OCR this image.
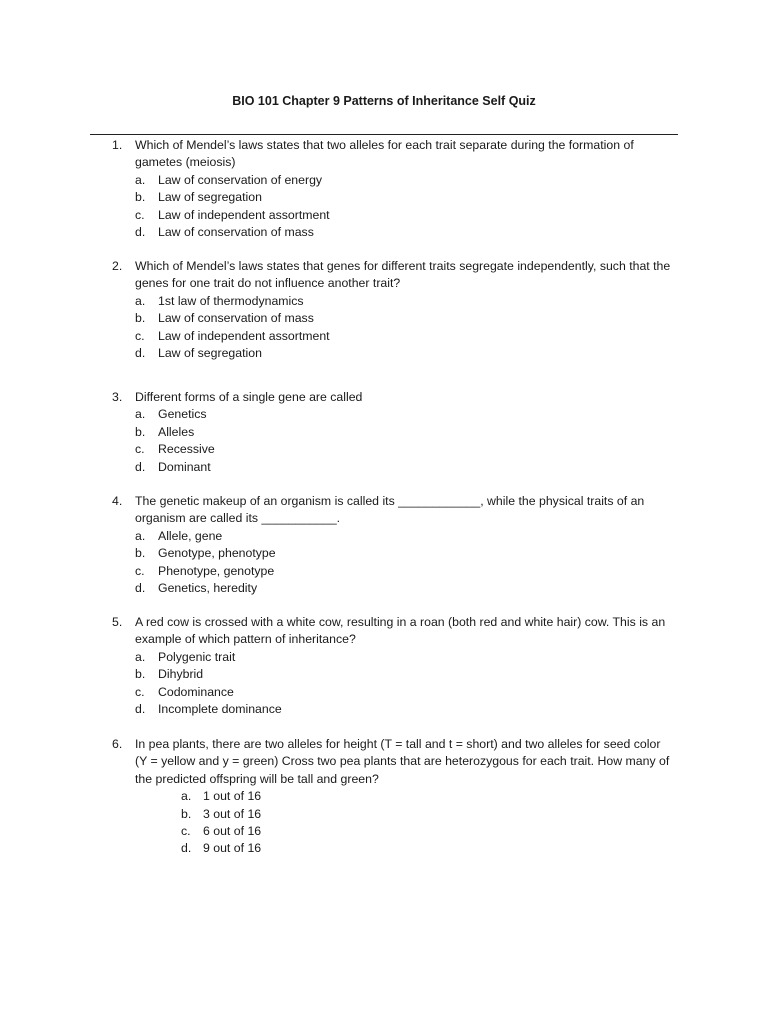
BIO 101 Chapter 9 Patterns of Inheritance Self Quiz
1. Which of Mendel’s laws states that two alleles for each trait separate during the formation of gametes (meiosis)
a. Law of conservation of energy
b. Law of segregation
c. Law of independent assortment
d. Law of conservation of mass
2. Which of Mendel’s laws states that genes for different traits segregate independently, such that the genes for one trait do not influence another trait?
a. 1st law of thermodynamics
b. Law of conservation of mass
c. Law of independent assortment
d. Law of segregation
3. Different forms of a single gene are called
a. Genetics
b. Alleles
c. Recessive
d. Dominant
4. The genetic makeup of an organism is called its ____________, while the physical traits of an organism are called its ___________.
a. Allele, gene
b. Genotype, phenotype
c. Phenotype, genotype
d. Genetics, heredity
5. A red cow is crossed with a white cow, resulting in a roan (both red and white hair) cow. This is an example of which pattern of inheritance?
a. Polygenic trait
b. Dihybrid
c. Codominance
d. Incomplete dominance
6. In pea plants, there are two alleles for height (T = tall and t = short) and two alleles for seed color (Y = yellow and y = green) Cross two pea plants that are heterozygous for each trait. How many of the predicted offspring will be tall and green?
a. 1 out of 16
b. 3 out of 16
c. 6 out of 16
d. 9 out of 16
